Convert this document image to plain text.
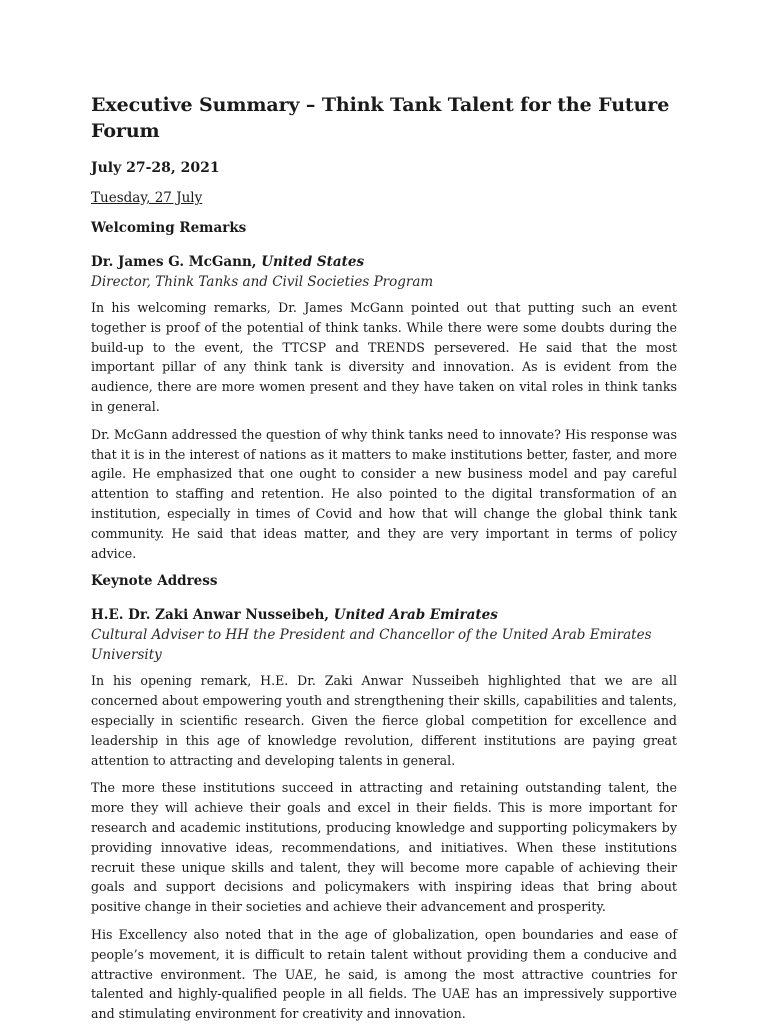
Executive Summary – Think Tank Talent for the Future Forum

July 27-28, 2021

Tuesday, 27 July

Welcoming Remarks

Dr. James G. McGann, United States

Director, Think Tanks and Civil Societies Program

In his welcoming remarks, Dr. James McGann pointed out that putting such an event together is proof of the potential of think tanks. While there were some doubts during the build-up to the event, the TTCSP and TRENDS persevered. He said that the most important pillar of any think tank is diversity and innovation. As is evident from the audience, there are more women present and they have taken on vital roles in think tanks in general.

Dr. McGann addressed the question of why think tanks need to innovate? His response was that it is in the interest of nations as it matters to make institutions better, faster, and more agile. He emphasized that one ought to consider a new business model and pay careful attention to staffing and retention. He also pointed to the digital transformation of an institution, especially in times of Covid and how that will change the global think tank community. He said that ideas matter, and they are very important in terms of policy advice.

Keynote Address

H.E. Dr. Zaki Anwar Nusseibeh, United Arab Emirates

Cultural Adviser to HH the President and Chancellor of the United Arab Emirates University

In his opening remark, H.E. Dr. Zaki Anwar Nusseibeh highlighted that we are all concerned about empowering youth and strengthening their skills, capabilities and talents, especially in scientific research. Given the fierce global competition for excellence and leadership in this age of knowledge revolution, different institutions are paying great attention to attracting and developing talents in general.

The more these institutions succeed in attracting and retaining outstanding talent, the more they will achieve their goals and excel in their fields. This is more important for research and academic institutions, producing knowledge and supporting policymakers by providing innovative ideas, recommendations, and initiatives. When these institutions recruit these unique skills and talent, they will become more capable of achieving their goals and support decisions and policymakers with inspiring ideas that bring about positive change in their societies and achieve their advancement and prosperity.

His Excellency also noted that in the age of globalization, open boundaries and ease of people’s movement, it is difficult to retain talent without providing them a conducive and attractive environment. The UAE, he said, is among the most attractive countries for talented and highly-qualified people in all fields. The UAE has an impressively supportive and stimulating environment for creativity and innovation.
